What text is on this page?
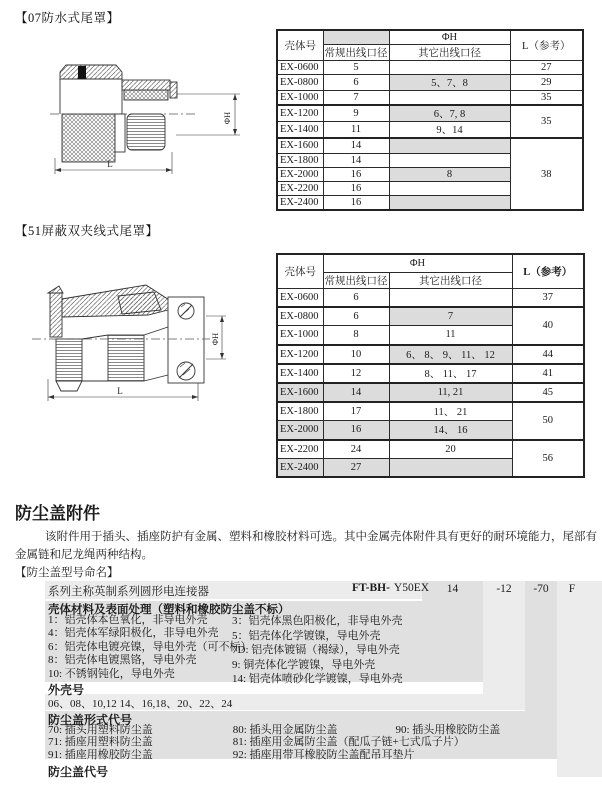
【07防水式尾罩】
L
ΦH
壳体号		ΦH	L（参考）
	常规出线口径	其它出线口径	
EX-0600	5		27
EX-0800	6	5、7、8	29
EX-1000	7		35
EX-1200	9	6、7, 8	35
EX-1400	11	9、14	
EX-1600	14		38
EX-1800	14		
EX-2000	16	8	
EX-2200	16		
EX-2400	16		
【51屏蔽双夹线式尾罩】
L
ΦH
壳体号	ΦH		L（参考）
	常规出线口径	其它出线口径	
EX-0600	6		37
EX-0800	6	7	40
EX-1000	8	11	
EX-1200	10	6、 8、 9、 11、 12	44
EX-1400	12	8、 11、 17	41
EX-1600	14	11, 21	45
EX-1800	17	11、 21	50
EX-2000	16	14、 16	
EX-2200	24	20	56
EX-2400	27		
防尘盖附件
该附件用于插头、插座防护有金属、塑料和橡胶材料可选。其中金属壳体附件具有更好的耐环境能力，尾部有
金属链和尼龙绳两种结构。
【防尘盖型号命名】
系列主称英制系列圆形电连接器	FT-BH- Y50EX	14	-12	-70	F
壳体材料及表面处理（塑料和橡胶防尘盖不标）
1：铝壳体本色氧化，非导电外壳
4：铝壳体军绿阳极化，非导电外壳
6：铝壳体电镀亮镍，导电外壳（可不标）
8：铝壳体电镀黑铬，导电外壳
10: 不锈钢钝化，导电外壳
3：铝壳体黑色阳极化，非导电外壳
5：铝壳体化学镀镍，导电外壳
7D: 铝壳体镀镉（褐绿），导电外壳
9: 铜壳体化学镀镍，导电外壳
14: 铝壳体喷砂化学镀镍，导电外壳
外壳号
06、08、10,12 14、16,18、20、22、24
防尘盖形式代号
70: 插头用塑料防尘盖	80: 插头用金属防尘盖	90: 插头用橡胶防尘盖
71: 插座用塑料防尘盖	81: 插座用金属防尘盖（配瓜子链+七式瓜子片）
91: 插座用橡胶防尘盖	92: 插座用带耳橡胶防尘盖配吊耳垫片
防尘盖代号
